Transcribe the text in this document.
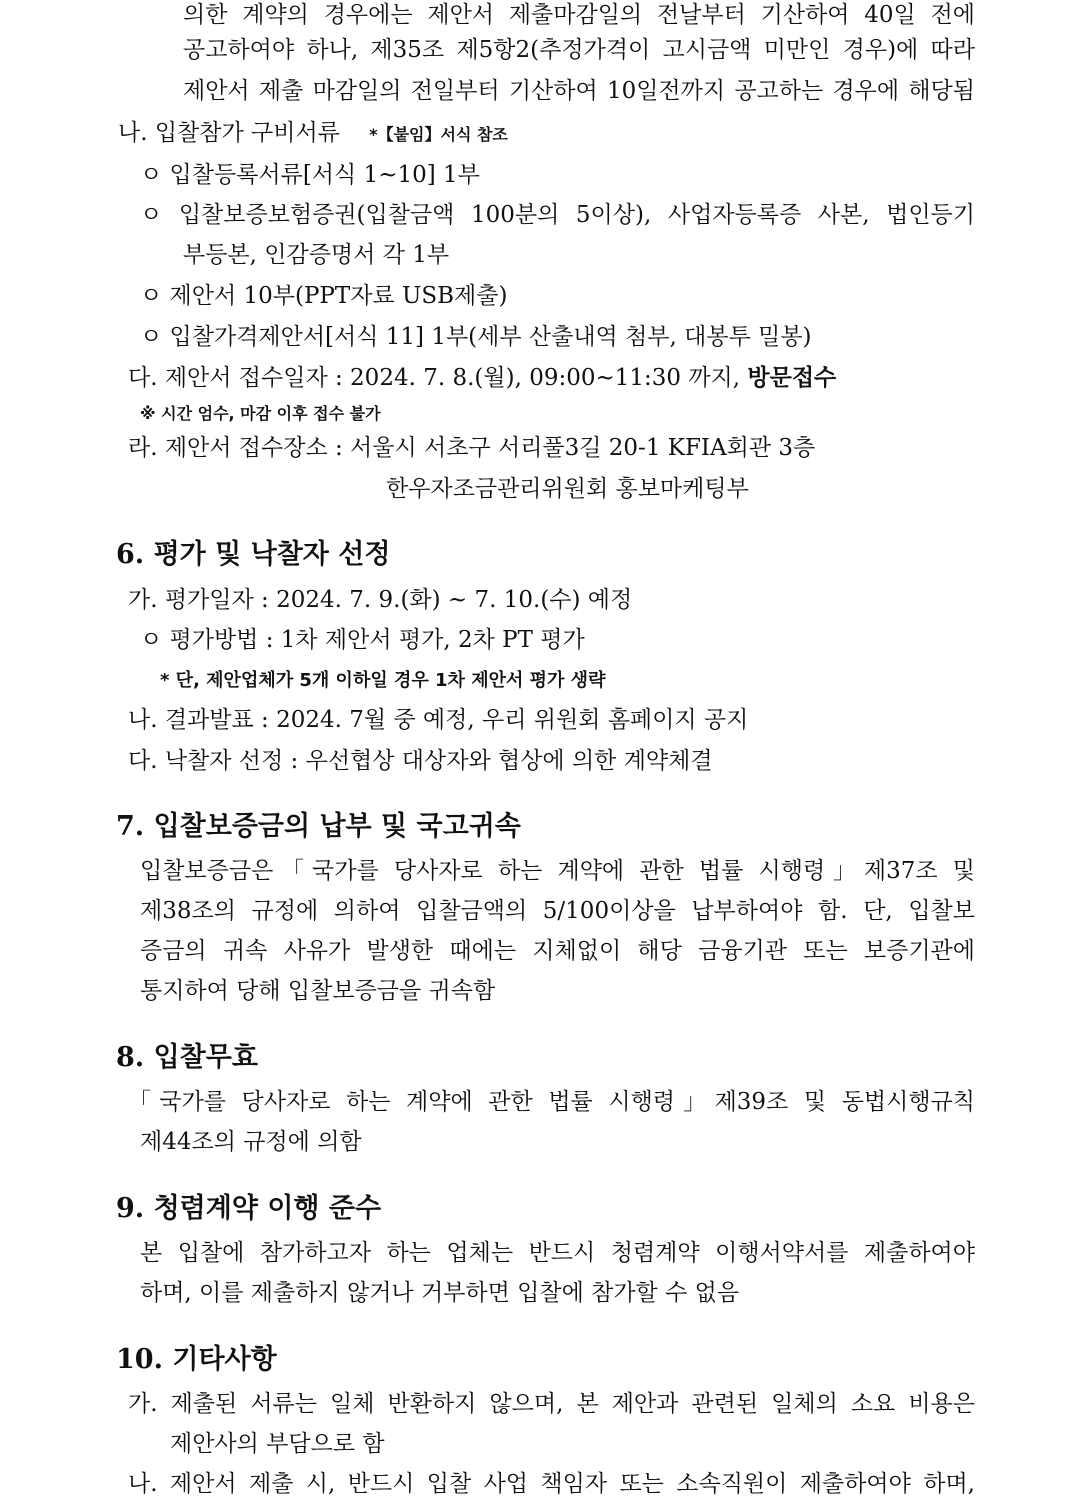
의한 계약의 경우에는 제안서 제출마감일의 전날부터 기산하여 40일 전에
공고하여야 하나, 제35조 제5항2(추정가격이 고시금액 미만인 경우)에 따라
제안서 제출 마감일의 전일부터 기산하여 10일전까지 공고하는 경우에 해당됨
나. 입찰참가 구비서류 *【붙임】서식 참조
ㅇ 입찰등록서류[서식 1~10] 1부
ㅇ 입찰보증보험증권(입찰금액 100분의 5이상), 사업자등록증 사본, 법인등기
부등본, 인감증명서 각 1부
ㅇ 제안서 10부(PPT자료 USB제출)
ㅇ 입찰가격제안서[서식 11] 1부(세부 산출내역 첨부, 대봉투 밀봉)
다. 제안서 접수일자 : 2024. 7. 8.(월), 09:00~11:30 까지, 방문접수
※ 시간 엄수, 마감 이후 접수 불가
라. 제안서 접수장소 : 서울시 서초구 서리풀3길 20-1 KFIA회관 3층
한우자조금관리위원회 홍보마케팅부
6. 평가 및 낙찰자 선정
가. 평가일자 : 2024. 7. 9.(화) ~ 7. 10.(수) 예정
ㅇ 평가방법 : 1차 제안서 평가, 2차 PT 평가
* 단, 제안업체가 5개 이하일 경우 1차 제안서 평가 생략
나. 결과발표 : 2024. 7월 중 예정, 우리 위원회 홈페이지 공지
다. 낙찰자 선정 : 우선협상 대상자와 협상에 의한 계약체결
7. 입찰보증금의 납부 및 국고귀속
입찰보증금은「국가를 당사자로 하는 계약에 관한 법률 시행령」제37조 및
제38조의 규정에 의하여 입찰금액의 5/100이상을 납부하여야 함. 단, 입찰보
증금의 귀속 사유가 발생한 때에는 지체없이 해당 금융기관 또는 보증기관에
통지하여 당해 입찰보증금을 귀속함
8. 입찰무효
「국가를 당사자로 하는 계약에 관한 법률 시행령」제39조 및 동법시행규칙
제44조의 규정에 의함
9. 청렴계약 이행 준수
본 입찰에 참가하고자 하는 업체는 반드시 청렴계약 이행서약서를 제출하여야
하며, 이를 제출하지 않거나 거부하면 입찰에 참가할 수 없음
10. 기타사항
가. 제출된 서류는 일체 반환하지 않으며, 본 제안과 관련된 일체의 소요 비용은
제안사의 부담으로 함
나. 제안서 제출 시, 반드시 입찰 사업 책임자 또는 소속직원이 제출하여야 하며,
